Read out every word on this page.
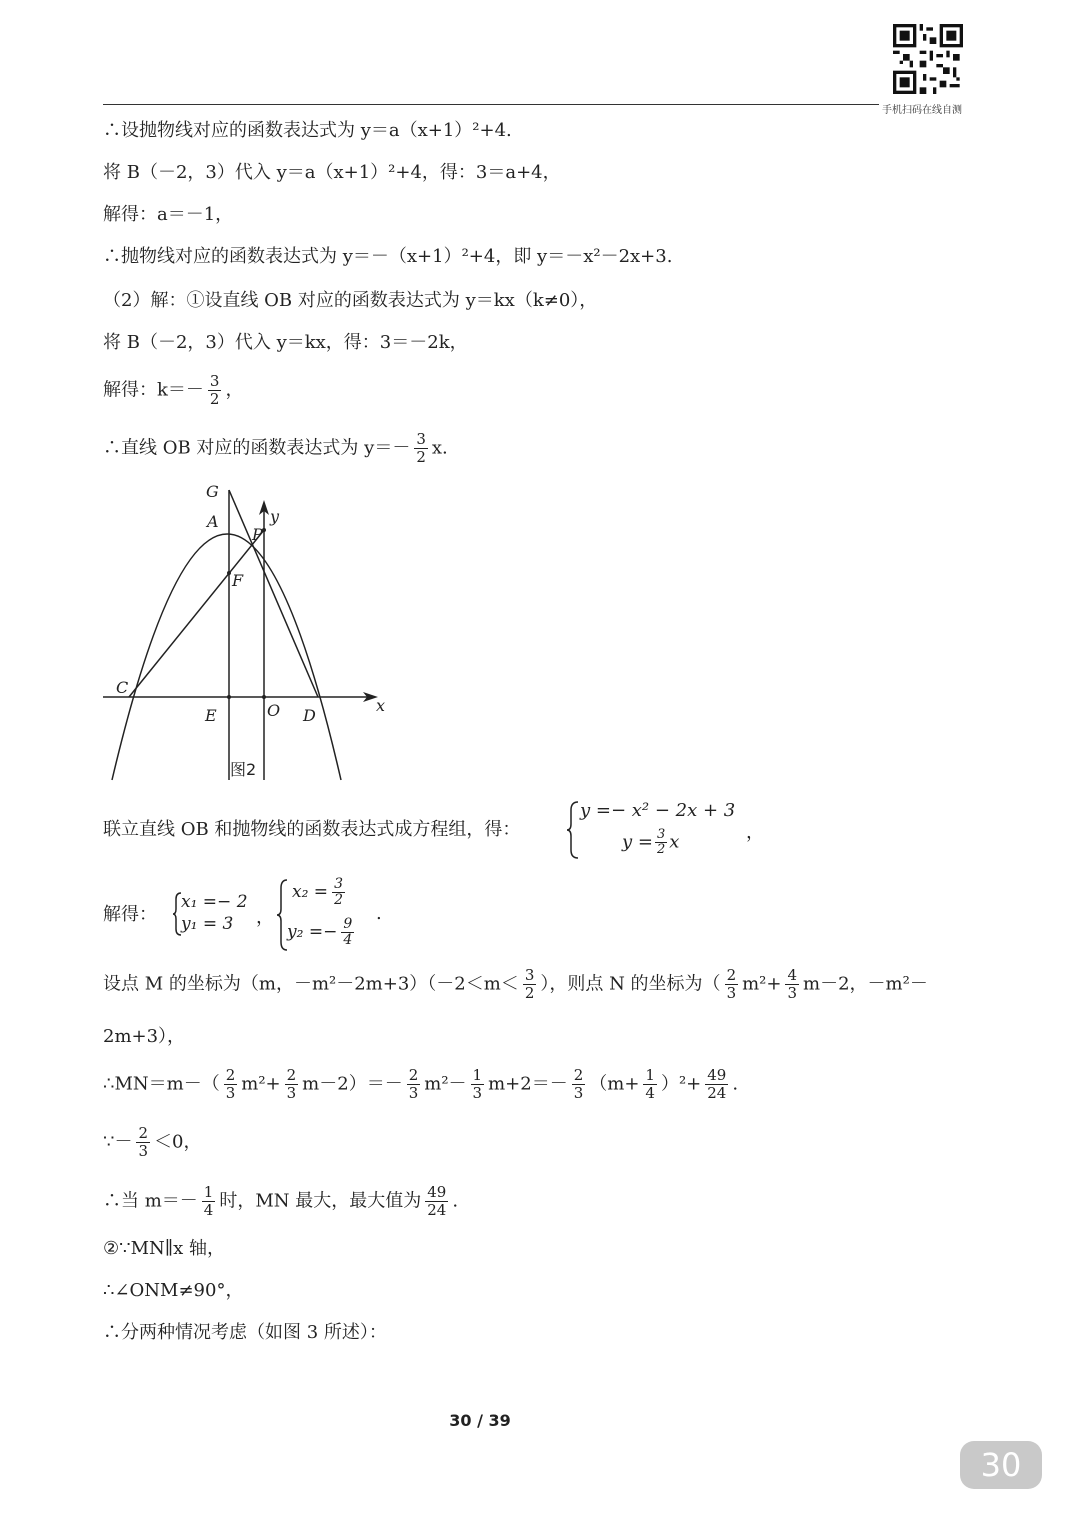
手机扫码在线自测
∴设抛物线对应的函数表达式为 y＝a（x+1）²+4.
将 B（－2，3）代入 y＝a（x+1）²+4，得：3＝a+4，
解得：a＝－1，
∴抛物线对应的函数表达式为 y＝－（x+1）²+4，即 y＝－x²－2x+3.
（2）解：①设直线 OB 对应的函数表达式为 y＝kx（k≠0），
将 B（－2，3）代入 y＝kx，得：3＝－2k，
解得：$k=- \frac{3}{2}$ ，
∴直线 OB 对应的函数表达式为 $y=- \frac{3}{2} x$.
G
A
P
y
F
C
E	O D
x
图2
联立直线 OB 和抛物线的函数表达式成方程组，得：
y =− x² − 2x + 3
$y = \frac{3}{2}$ x	，
解得：
x₁ =− 2
y₁ = 3	，
$x_2 = \frac{3}{2}$
$y_2 =- \frac{9}{4}$
.
设点 M 的坐标为（m，$-m^2-2m+3)(-2<m< \frac{3}{2}$ ），则点 N 的坐标为（ $\frac{2}{3} m^2+ \frac{4}{3} m-2$，－m²－
2m+3），
∴MN＝m－（ $\frac{2}{3} m^2+ \frac{2}{3} m-2)=- \frac{2}{3} m^2- \frac{1}{3} m+2=- \frac{2}{3} (m+ \frac{1}{4} )^2+ \frac{49}{24}$ .
∵－ $\frac{2}{3} <0$，
∴当 $m=- \frac{1}{4}$ 时，MN 最大，最大值为 $\frac{49}{24}$ .
②∵MN∥x 轴，
∴∠ONM≠90°，
∴分两种情况考虑（如图 3 所述）：
30 / 39
30
